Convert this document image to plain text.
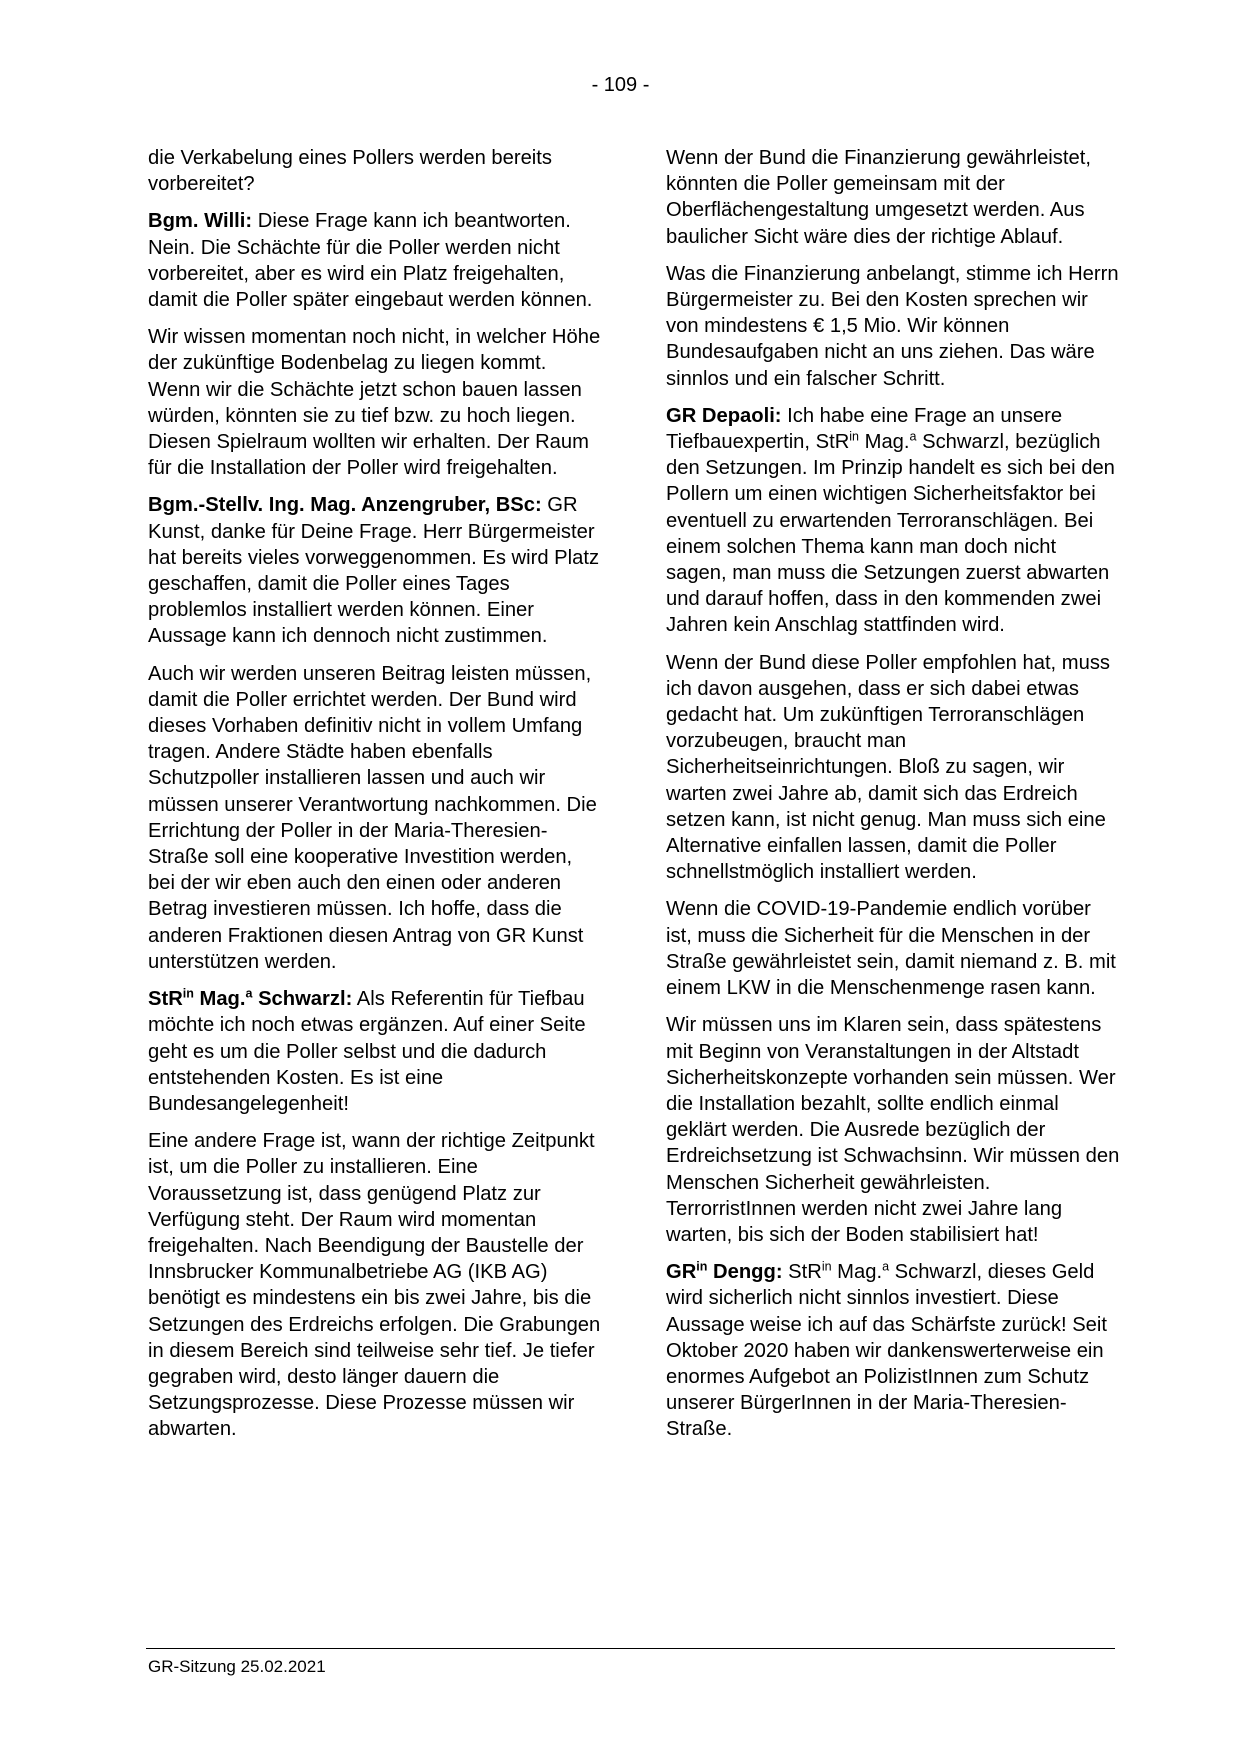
- 109 -

die Verkabelung eines Pollers werden bereits vorbereitet?

Bgm. Willi: Diese Frage kann ich beantworten. Nein. Die Schächte für die Poller werden nicht vorbereitet, aber es wird ein Platz freigehalten, damit die Poller später eingebaut werden können.

Wir wissen momentan noch nicht, in welcher Höhe der zukünftige Bodenbelag zu liegen kommt. Wenn wir die Schächte jetzt schon bauen lassen würden, könnten sie zu tief bzw. zu hoch liegen. Diesen Spielraum wollten wir erhalten. Der Raum für die Installation der Poller wird freigehalten.

Bgm.-Stellv. Ing. Mag. Anzengruber, BSc: GR Kunst, danke für Deine Frage. Herr Bürgermeister hat bereits vieles vorweggenommen. Es wird Platz geschaffen, damit die Poller eines Tages problemlos installiert werden können. Einer Aussage kann ich dennoch nicht zustimmen.

Auch wir werden unseren Beitrag leisten müssen, damit die Poller errichtet werden. Der Bund wird dieses Vorhaben definitiv nicht in vollem Umfang tragen. Andere Städte haben ebenfalls Schutzpoller installieren lassen und auch wir müssen unserer Verantwortung nachkommen. Die Errichtung der Poller in der Maria-Theresien-Straße soll eine kooperative Investition werden, bei der wir eben auch den einen oder anderen Betrag investieren müssen. Ich hoffe, dass die anderen Fraktionen diesen Antrag von GR Kunst unterstützen werden.

StR$^{in}$ Mag.$^a$ Schwarzl: Als Referentin für Tiefbau möchte ich noch etwas ergänzen. Auf einer Seite geht es um die Poller selbst und die dadurch entstehenden Kosten. Es ist eine Bundesangelegenheit!

Eine andere Frage ist, wann der richtige Zeitpunkt ist, um die Poller zu installieren. Eine Voraussetzung ist, dass genügend Platz zur Verfügung steht. Der Raum wird momentan freigehalten. Nach Beendigung der Baustelle der Innsbrucker Kommunalbetriebe AG (IKB AG) benötigt es mindestens ein bis zwei Jahre, bis die Setzungen des Erdreichs erfolgen. Die Grabungen in diesem Bereich sind teilweise sehr tief. Je tiefer gegraben wird, desto länger dauern die Setzungsprozesse. Diese Prozesse müssen wir abwarten.

Wenn der Bund die Finanzierung gewährleistet, könnten die Poller gemeinsam mit der Oberflächengestaltung umgesetzt werden. Aus baulicher Sicht wäre dies der richtige Ablauf.

Was die Finanzierung anbelangt, stimme ich Herrn Bürgermeister zu. Bei den Kosten sprechen wir von mindestens € 1,5 Mio. Wir können Bundesaufgaben nicht an uns ziehen. Das wäre sinnlos und ein falscher Schritt.

GR Depaoli: Ich habe eine Frage an unsere Tiefbauexpertin, StR$^{in}$ Mag.$^a$ Schwarzl, bezüglich den Setzungen. Im Prinzip handelt es sich bei den Pollern um einen wichtigen Sicherheitsfaktor bei eventuell zu erwartenden Terroranschlägen. Bei einem solchen Thema kann man doch nicht sagen, man muss die Setzungen zuerst abwarten und darauf hoffen, dass in den kommenden zwei Jahren kein Anschlag stattfinden wird.

Wenn der Bund diese Poller empfohlen hat, muss ich davon ausgehen, dass er sich dabei etwas gedacht hat. Um zukünftigen Terroranschlägen vorzubeugen, braucht man Sicherheitseinrichtungen. Bloß zu sagen, wir warten zwei Jahre ab, damit sich das Erdreich setzen kann, ist nicht genug. Man muss sich eine Alternative einfallen lassen, damit die Poller schnellstmöglich installiert werden.

Wenn die COVID-19-Pandemie endlich vorüber ist, muss die Sicherheit für die Menschen in der Straße gewährleistet sein, damit niemand z. B. mit einem LKW in die Menschenmenge rasen kann.

Wir müssen uns im Klaren sein, dass spätestens mit Beginn von Veranstaltungen in der Altstadt Sicherheitskonzepte vorhanden sein müssen. Wer die Installation bezahlt, sollte endlich einmal geklärt werden. Die Ausrede bezüglich der Erdreichsetzung ist Schwachsinn. Wir müssen den Menschen Sicherheit gewährleisten. TerrorristInnen werden nicht zwei Jahre lang warten, bis sich der Boden stabilisiert hat!

$GR^{in}$ Dengg: StR$^{in}$ Mag.$^a$ Schwarzl, dieses Geld wird sicherlich nicht sinnlos investiert. Diese Aussage weise ich auf das Schärfste zurück! Seit Oktober 2020 haben wir dankenswerterweise ein enormes Aufgebot an PolizistInnen zum Schutz unserer BürgerInnen in der Maria-Theresien-Straße.

GR-Sitzung 25.02.2021
